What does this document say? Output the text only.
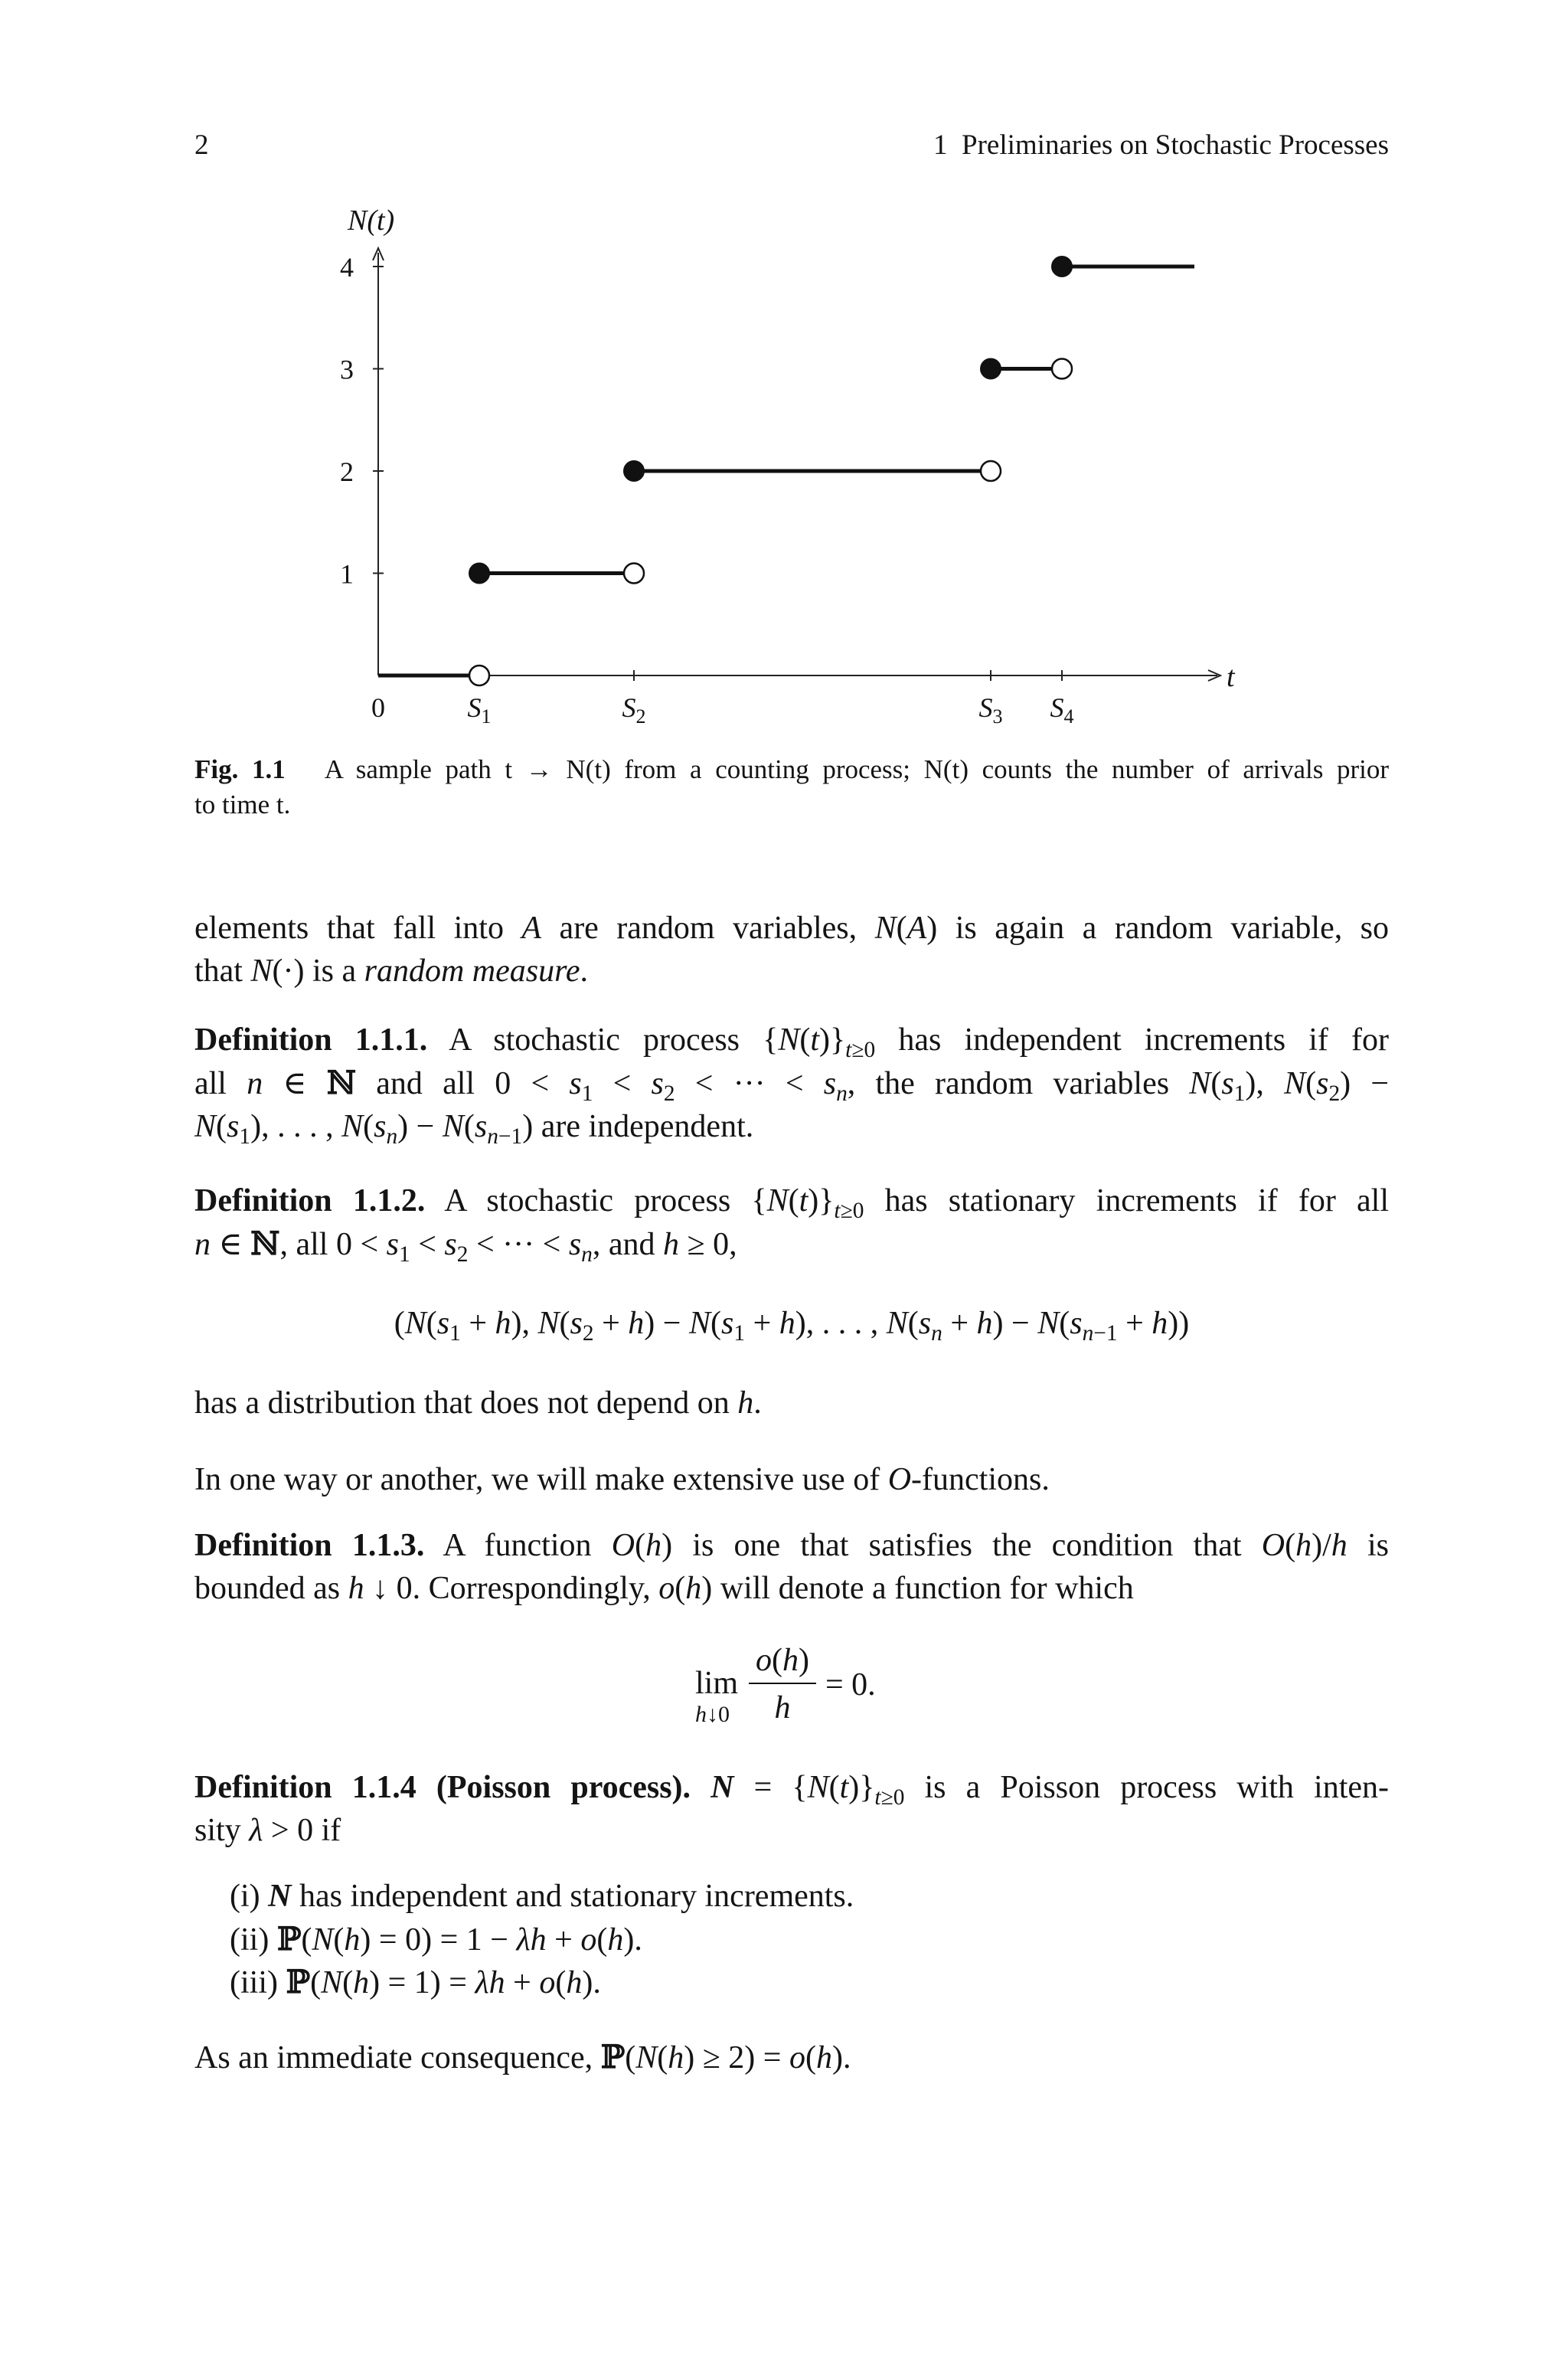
2	1 Preliminaries on Stochastic Processes
N(t)
t
1
2
3
4
0	$S_1$	$S_2$	$S_3$ $S_4$
Fig. 1.1 A sample path t → N(t) from a counting process; N(t) counts the number of arrivals prior
to time t.
elements that fall into A are random variables, N(A) is again a random variable, so
that N(·) is a random measure.
Definition 1.1.1. A stochastic process $\{N(t)\}_{t\ge 0}$ has independent increments if for
all n ∈ ℕ and all $0 < s_1 < s_2$ < ··· < $s_n$, the random variables $N(s_1)$, $N(s_2)$ −
$N(s_1)$, . . . , $N(s_n) - N(s_{n-1})$ are independent.
Definition 1.1.2. A stochastic process $\{N(t)\}_{t\ge 0}$ has stationary increments if for all
n ∈ ℕ, all $0 < s_1 < s_2$ < ··· < $s_n$, and h ≥ 0,
($N(s_1 + h)$, $N(s_2 + h) - N(s_1 + h)$, . . . , $N(s_n + h) - N(s_{n-1} + h)$)
has a distribution that does not depend on h.
In one way or another, we will make extensive use of O-functions.
Definition 1.1.3. A function O(h) is one that satisfies the condition that O(h)/h is
bounded as h ↓ 0. Correspondingly, o(h) will denote a function for which
lim
h↓0
o(h)
h
= 0.
Definition 1.1.4 (Poisson process). $N = \{N(t)\}_{t\ge 0}$ is a Poisson process with inten-
sity λ > 0 if
(i) N has independent and stationary increments.
(ii) ℙ(N(h) = 0) = 1 − λh + o(h).
(iii) ℙ(N(h) = 1) = λh + o(h).
As an immediate consequence, ℙ(N(h) ≥ 2) = o(h).
